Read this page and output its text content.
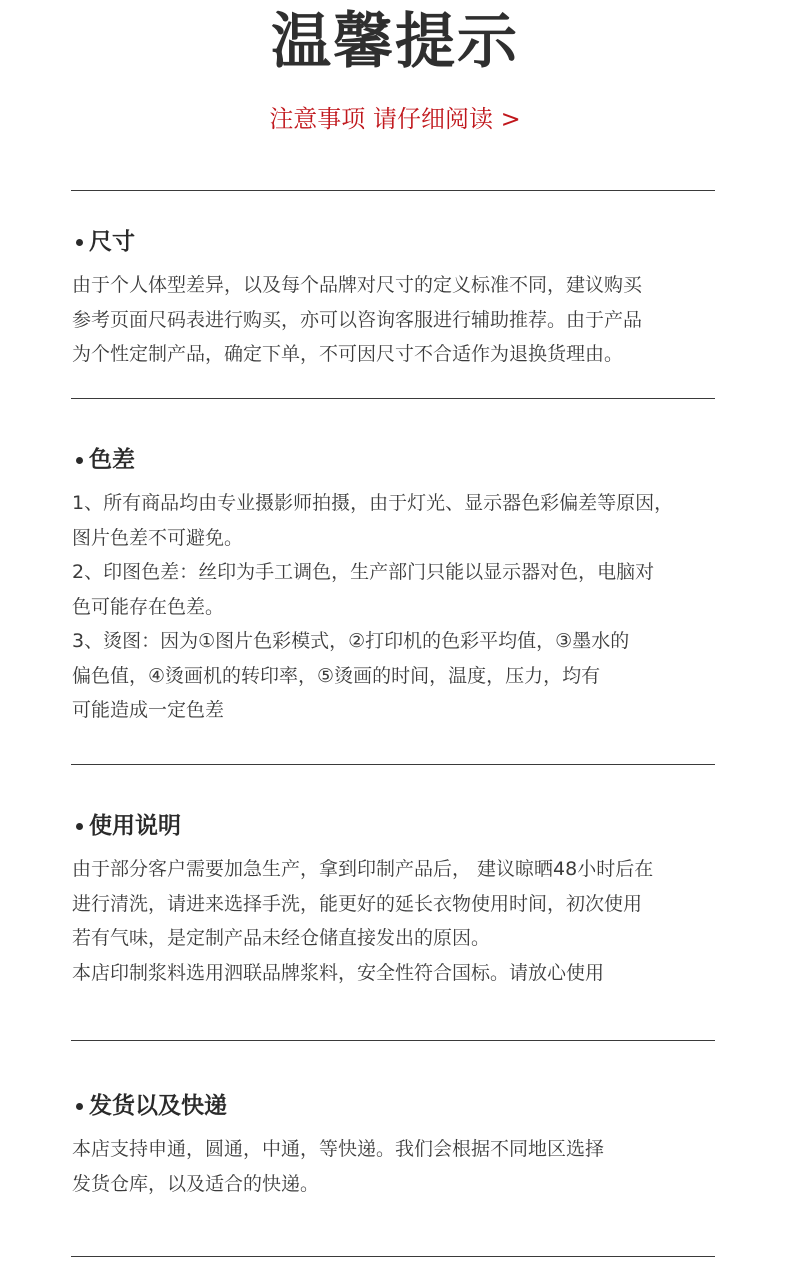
温馨提示
注意事项 请仔细阅读 >
尺寸
由于个人体型差异，以及每个品牌对尺寸的定义标准不同，建议购买
参考页面尺码表进行购买，亦可以咨询客服进行辅助推荐。由于产品
为个性定制产品，确定下单，不可因尺寸不合适作为退换货理由。
色差
1、所有商品均由专业摄影师拍摄，由于灯光、显示器色彩偏差等原因，
图片色差不可避免。
2、印图色差：丝印为手工调色，生产部门只能以显示器对色，电脑对
色可能存在色差。
3、烫图：因为①图片色彩模式，②打印机的色彩平均值，③墨水的
偏色值，④烫画机的转印率，⑤烫画的时间，温度，压力，均有
可能造成一定色差
使用说明
由于部分客户需要加急生产，拿到印制产品后， 建议晾晒48小时后在
进行清洗，请进来选择手洗，能更好的延长衣物使用时间，初次使用
若有气味，是定制产品未经仓储直接发出的原因。
本店印制浆料选用泗联品牌浆料，安全性符合国标。请放心使用
发货以及快递
本店支持申通，圆通，中通，等快递。我们会根据不同地区选择
发货仓库，以及适合的快递。
